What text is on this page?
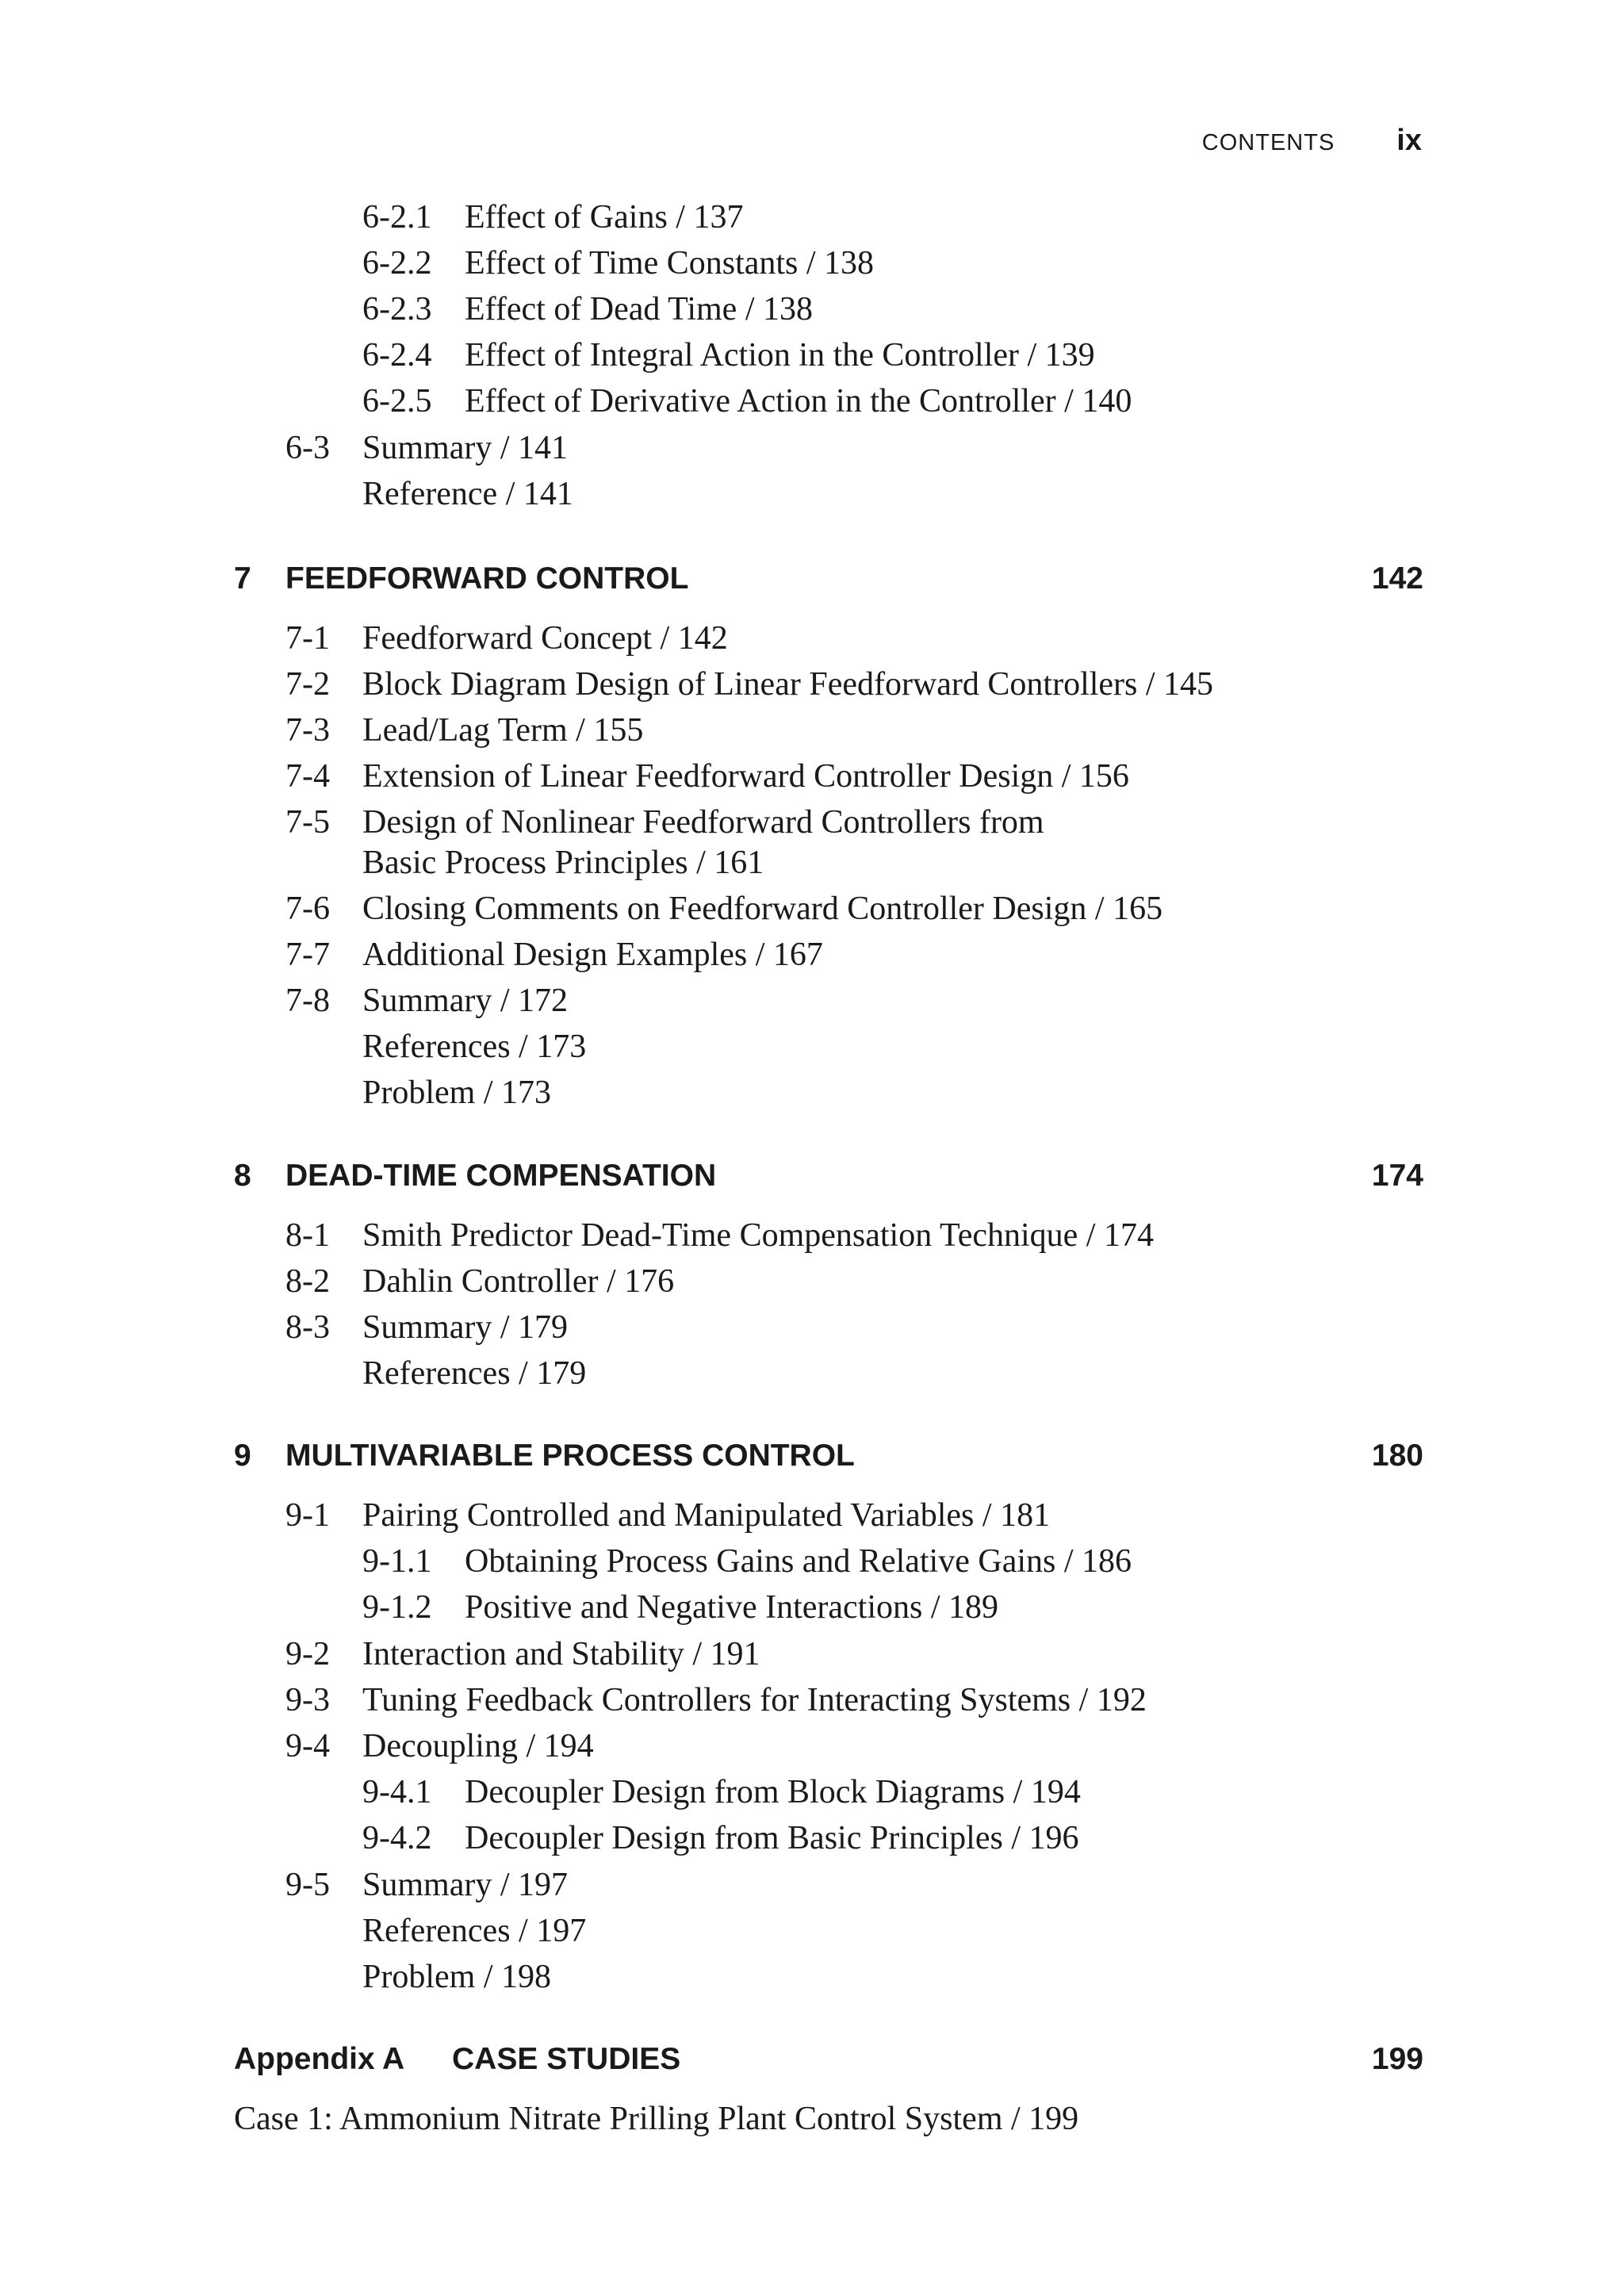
CONTENTS ix
6-2.1 Effect of Gains / 137
6-2.2 Effect of Time Constants / 138
6-2.3 Effect of Dead Time / 138
6-2.4 Effect of Integral Action in the Controller / 139
6-2.5 Effect of Derivative Action in the Controller / 140
6-3 Summary / 141
Reference / 141
7 FEEDFORWARD CONTROL	142
7-1 Feedforward Concept / 142
7-2 Block Diagram Design of Linear Feedforward Controllers / 145
7-3 Lead/Lag Term / 155
7-4 Extension of Linear Feedforward Controller Design / 156
7-5 Design of Nonlinear Feedforward Controllers from
Basic Process Principles / 161
7-6 Closing Comments on Feedforward Controller Design / 165
7-7 Additional Design Examples / 167
7-8 Summary / 172
References / 173
Problem / 173
8 DEAD-TIME COMPENSATION	174
8-1 Smith Predictor Dead-Time Compensation Technique / 174
8-2 Dahlin Controller / 176
8-3 Summary / 179
References / 179
9 MULTIVARIABLE PROCESS CONTROL	180
9-1 Pairing Controlled and Manipulated Variables / 181
9-1.1 Obtaining Process Gains and Relative Gains / 186
9-1.2 Positive and Negative Interactions / 189
9-2 Interaction and Stability / 191
9-3 Tuning Feedback Controllers for Interacting Systems / 192
9-4 Decoupling / 194
9-4.1 Decoupler Design from Block Diagrams / 194
9-4.2 Decoupler Design from Basic Principles / 196
9-5 Summary / 197
References / 197
Problem / 198
Appendix A CASE STUDIES	199
Case 1: Ammonium Nitrate Prilling Plant Control System / 199
